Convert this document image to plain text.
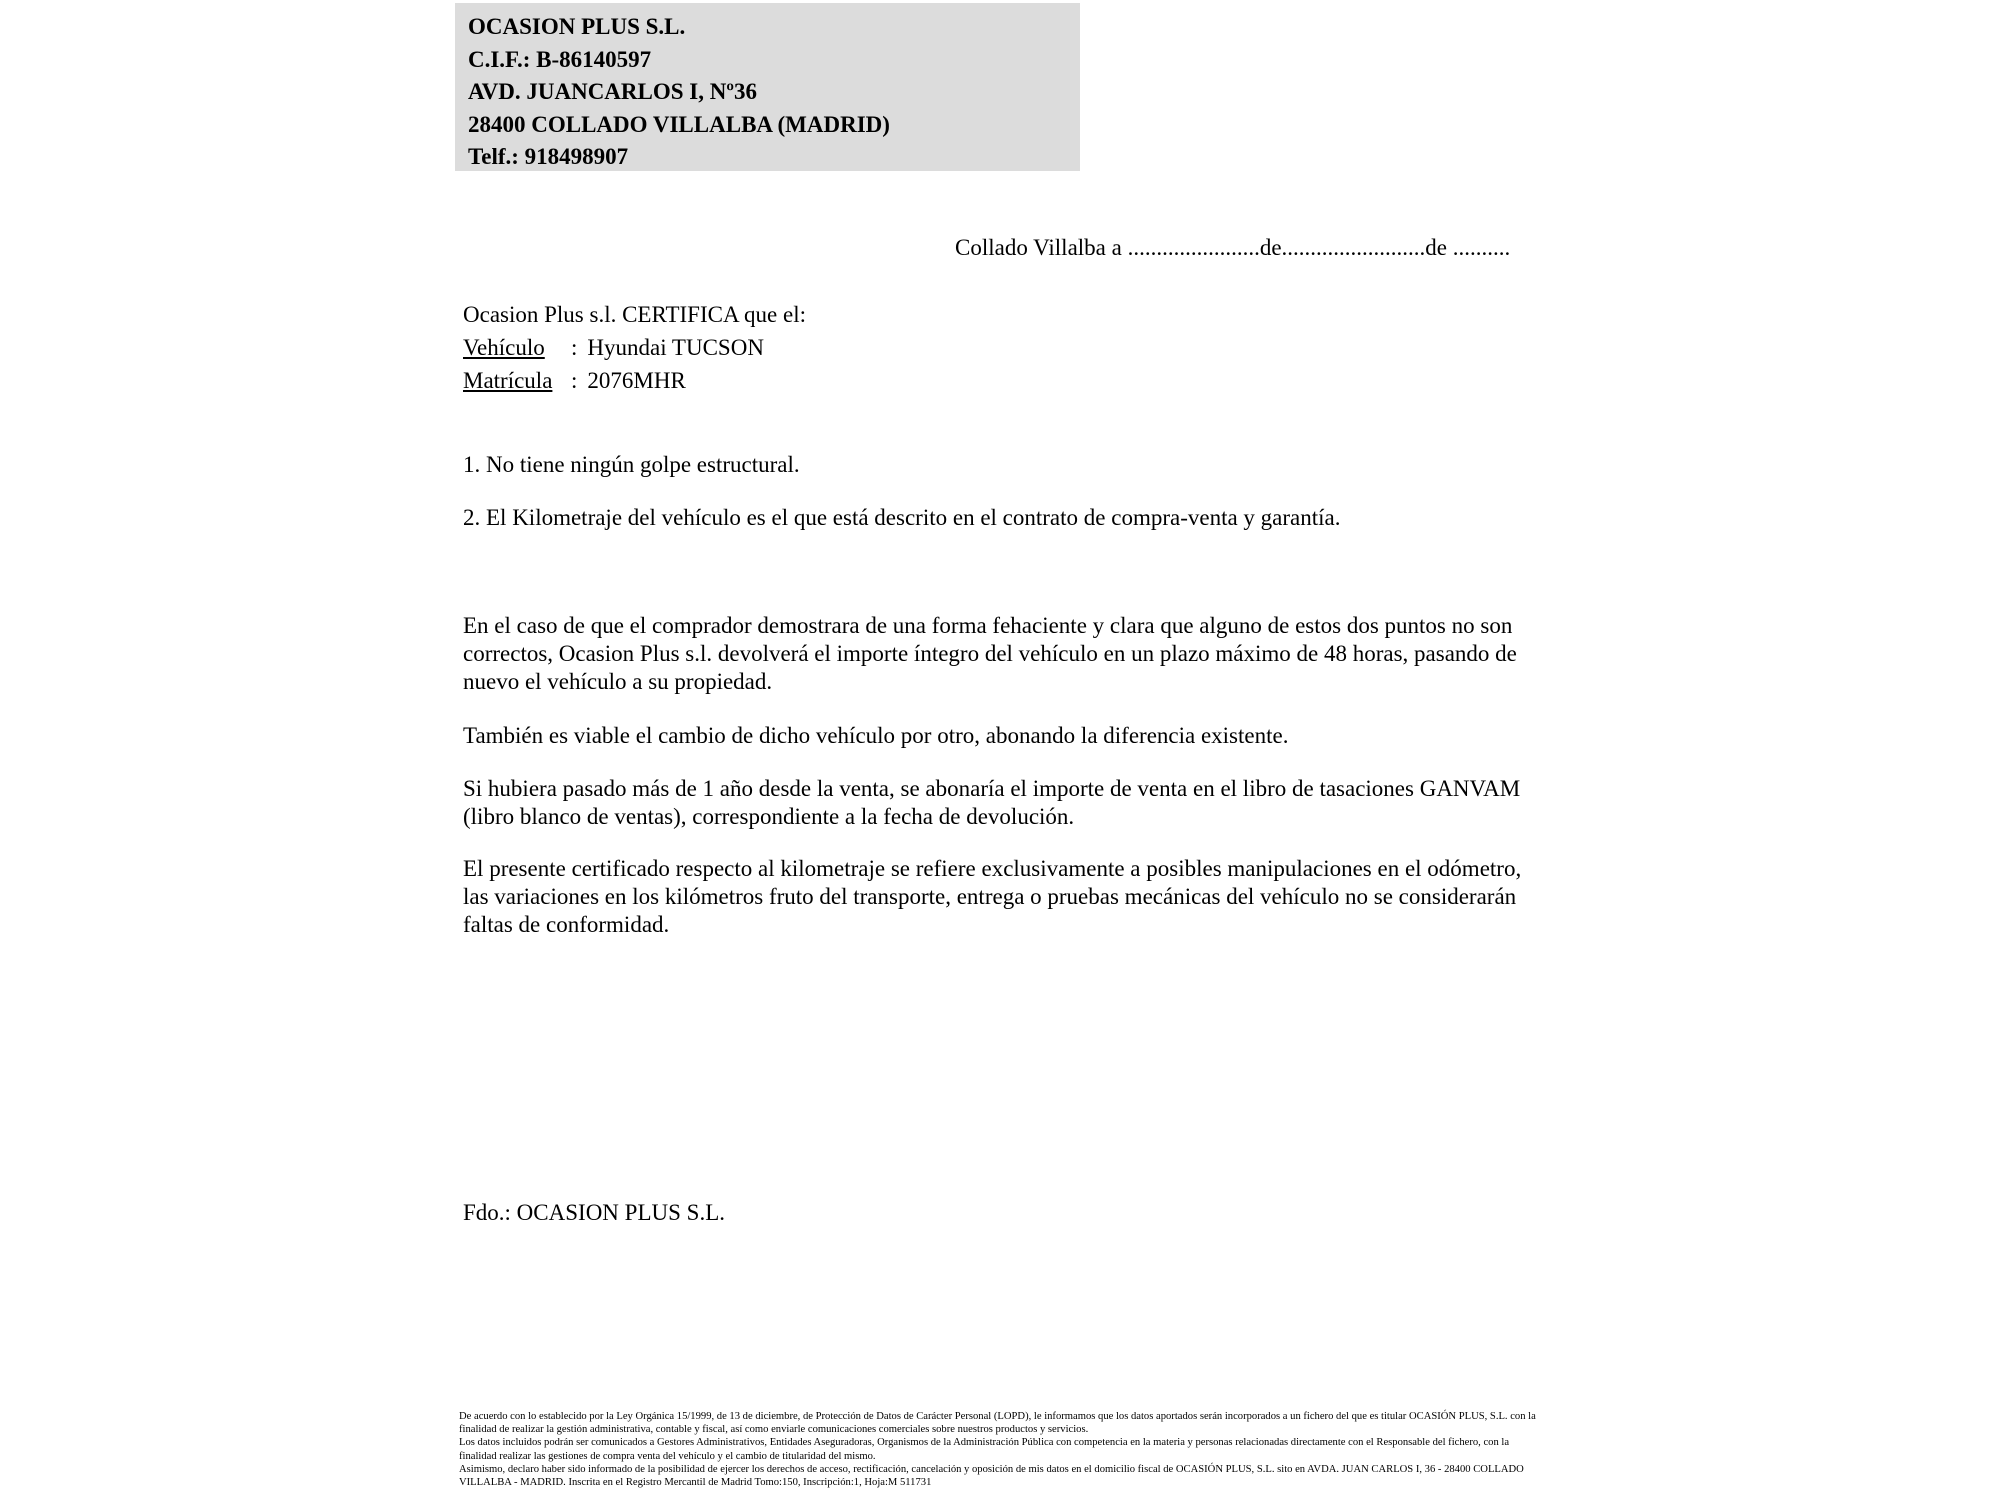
OCASION PLUS S.L.
C.I.F.: B-86140597
AVD. JUANCARLOS I, Nº36
28400 COLLADO VILLALBA (MADRID)
Telf.: 918498907
Collado Villalba a .......................de.........................de ..........
Ocasion Plus s.l. CERTIFICA que el:
Vehículo	: Hyundai TUCSON
Matrícula : 2076MHR
1. No tiene ningún golpe estructural.
2. El Kilometraje del vehículo es el que está descrito en el contrato de compra-venta y garantía.
En el caso de que el comprador demostrara de una forma fehaciente y clara que alguno de estos dos puntos no son correctos, Ocasion Plus s.l. devolverá el importe íntegro del vehículo en un plazo máximo de 48 horas, pasando de nuevo el vehículo a su propiedad.
También es viable el cambio de dicho vehículo por otro, abonando la diferencia existente.
Si hubiera pasado más de 1 año desde la venta, se abonaría el importe de venta en el libro de tasaciones GANVAM (libro blanco de ventas), correspondiente a la fecha de devolución.
El presente certificado respecto al kilometraje se refiere exclusivamente a posibles manipulaciones en el odómetro, las variaciones en los kilómetros fruto del transporte, entrega o pruebas mecánicas del vehículo no se considerarán faltas de conformidad.
Fdo.: OCASION PLUS S.L.

De acuerdo con lo establecido por la Ley Orgánica 15/1999, de 13 de diciembre, de Protección de Datos de Carácter Personal (LOPD), le informamos que los datos aportados serán incorporados a un fichero del que es titular OCASIÓN PLUS, S.L. con la finalidad de realizar la gestión administrativa, contable y fiscal, así como enviarle comunicaciones comerciales sobre nuestros productos y servicios.

Los datos incluidos podrán ser comunicados a Gestores Administrativos, Entidades Aseguradoras, Organismos de la Administración Pública con competencia en la materia y personas relacionadas directamente con el Responsable del fichero, con la finalidad realizar las gestiones de compra venta del vehículo y el cambio de titularidad del mismo.

Asimismo, declaro haber sido informado de la posibilidad de ejercer los derechos de acceso, rectificación, cancelación y oposición de mis datos en el domicilio fiscal de OCASIÓN PLUS, S.L. sito en AVDA. JUAN CARLOS I, 36 - 28400 COLLADO VILLALBA - MADRID. Inscrita en el Registro Mercantil de Madrid Tomo:150, Inscripción:1, Hoja:M 511731
